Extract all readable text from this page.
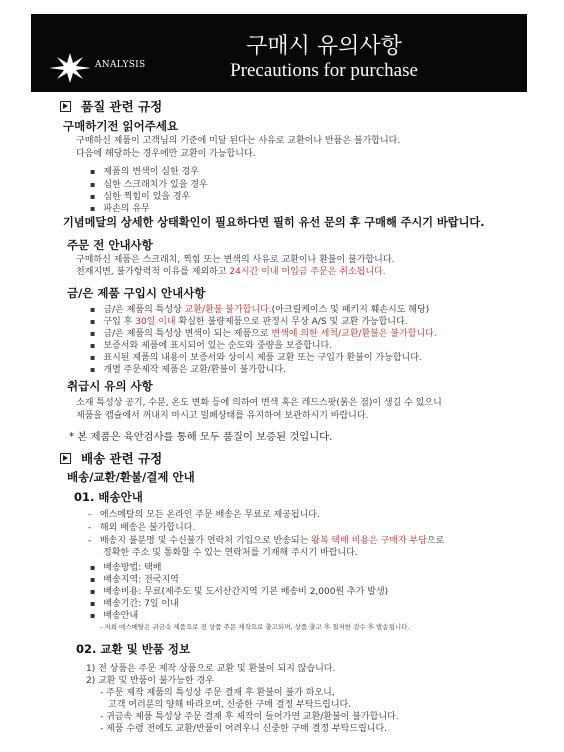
ANALYSIS
구매시 유의사항
Precautions for purchase
품질 관련 규정
구매하기전 읽어주세요
구매하신 제품이 고객님의 기준에 미달 된다는 사유로 교환이나 반품은 불가합니다.
다음에 해당하는 경우에만 교환이 가능합니다.
▪ 제품의 변색이 심한 경우
▪ 심한 스크래치가 있을 경우
▪ 심한 찍힘이 있을 경우
▪ 파손의 유무
기념메달의 상세한 상태확인이 필요하다면 필히 유선 문의 후 구매해 주시기 바랍니다.
주문 전 안내사항
구매하신 제품은 스크래치, 찍힘 또는 변색의 사유로 교환이나 환불이 불가합니다.
천재지변, 불가항력적 이유를 제외하고 24시간 이내 미입금 주문은 취소됩니다.
금/은 제품 구입시 안내사항
▪ 금/은 제품의 특성상 교환/환불 불가합니다.(아크릴케이스 및 패키지 훼손시도 해당)
▪ 구입 후 30일 이내 확실한 불량제품으로 판정시 무상 A/S 및 교환 가능합니다.
▪ 금/은 제품의 특성상 변색이 되는 제품으로 변색에 의한 세척/교환/환불은 불가합니다.
▪ 보증서와 제품에 표시되어 있는 순도와 중량을 보증합니다.
▪ 표시된 제품의 내용이 보증서와 상이시 제품 교환 또는 구입가 환불이 가능합니다.
▪ 개별 주문제작 제품은 교환/환불이 불가합니다.
취급시 유의 사항
소재 특성상 공기, 수분, 온도 변화 등에 의하여 변색 혹은 레드스팟(붉은 점)이 생길 수 있으니
제품을 캡슐에서 꺼내지 마시고 밀폐상태를 유지하여 보관하시기 바랍니다.
* 본 제품은 육안검사를 통해 모두 품질이 보증된 것입니다.
배송 관련 규정
배송/교환/환불/결제 안내
01. 배송안내
-   에스메탈의 모든 온라인 주문 배송은 무료로 제공됩니다.
-   해외 배송은 불가합니다.
-   배송지 불분명 및 수신불가 연락처 기입으로 반송되는 왕복 택배 비용은 구매자 부담으로
정확한 주소 및 통화할 수 있는 연락처를 기재해 주시기 바랍니다.
▪ 배송방법: 택배
▪ 배송지역: 전국지역
▪ 배송비용: 무료(제주도 및 도서산간지역 기본 배송비 2,000원 추가 발생)
▪ 배송기간: 7일 이내
▪ 배송안내
- 저희 에스메탈은 귀금속 제품으로 전 상품 주문 제작으로 출고되며, 상품 출고 후 철저한 검수 후 발송됩니다.
02. 교환 및 반품 정보
1) 전 상품은 주문 제작 상품으로 교환 및 환불이 되지 않습니다.
2) 교환 및 반품이 불가능한 경우
- 주문 제작 제품의 특성상 주문 결재 후 환불이 불가 하오니,
고객 여러분의 양해 바라오며, 신중한 구매 결정 부탁드립니다.
- 귀금속 제품 특성상 주문 결재 후 제작이 들어가면 교환/환불이 불가합니다.
- 제품 수령 전에도 교환/반품이 어려우니 신중한 구매 결정 부탁드립니다.
